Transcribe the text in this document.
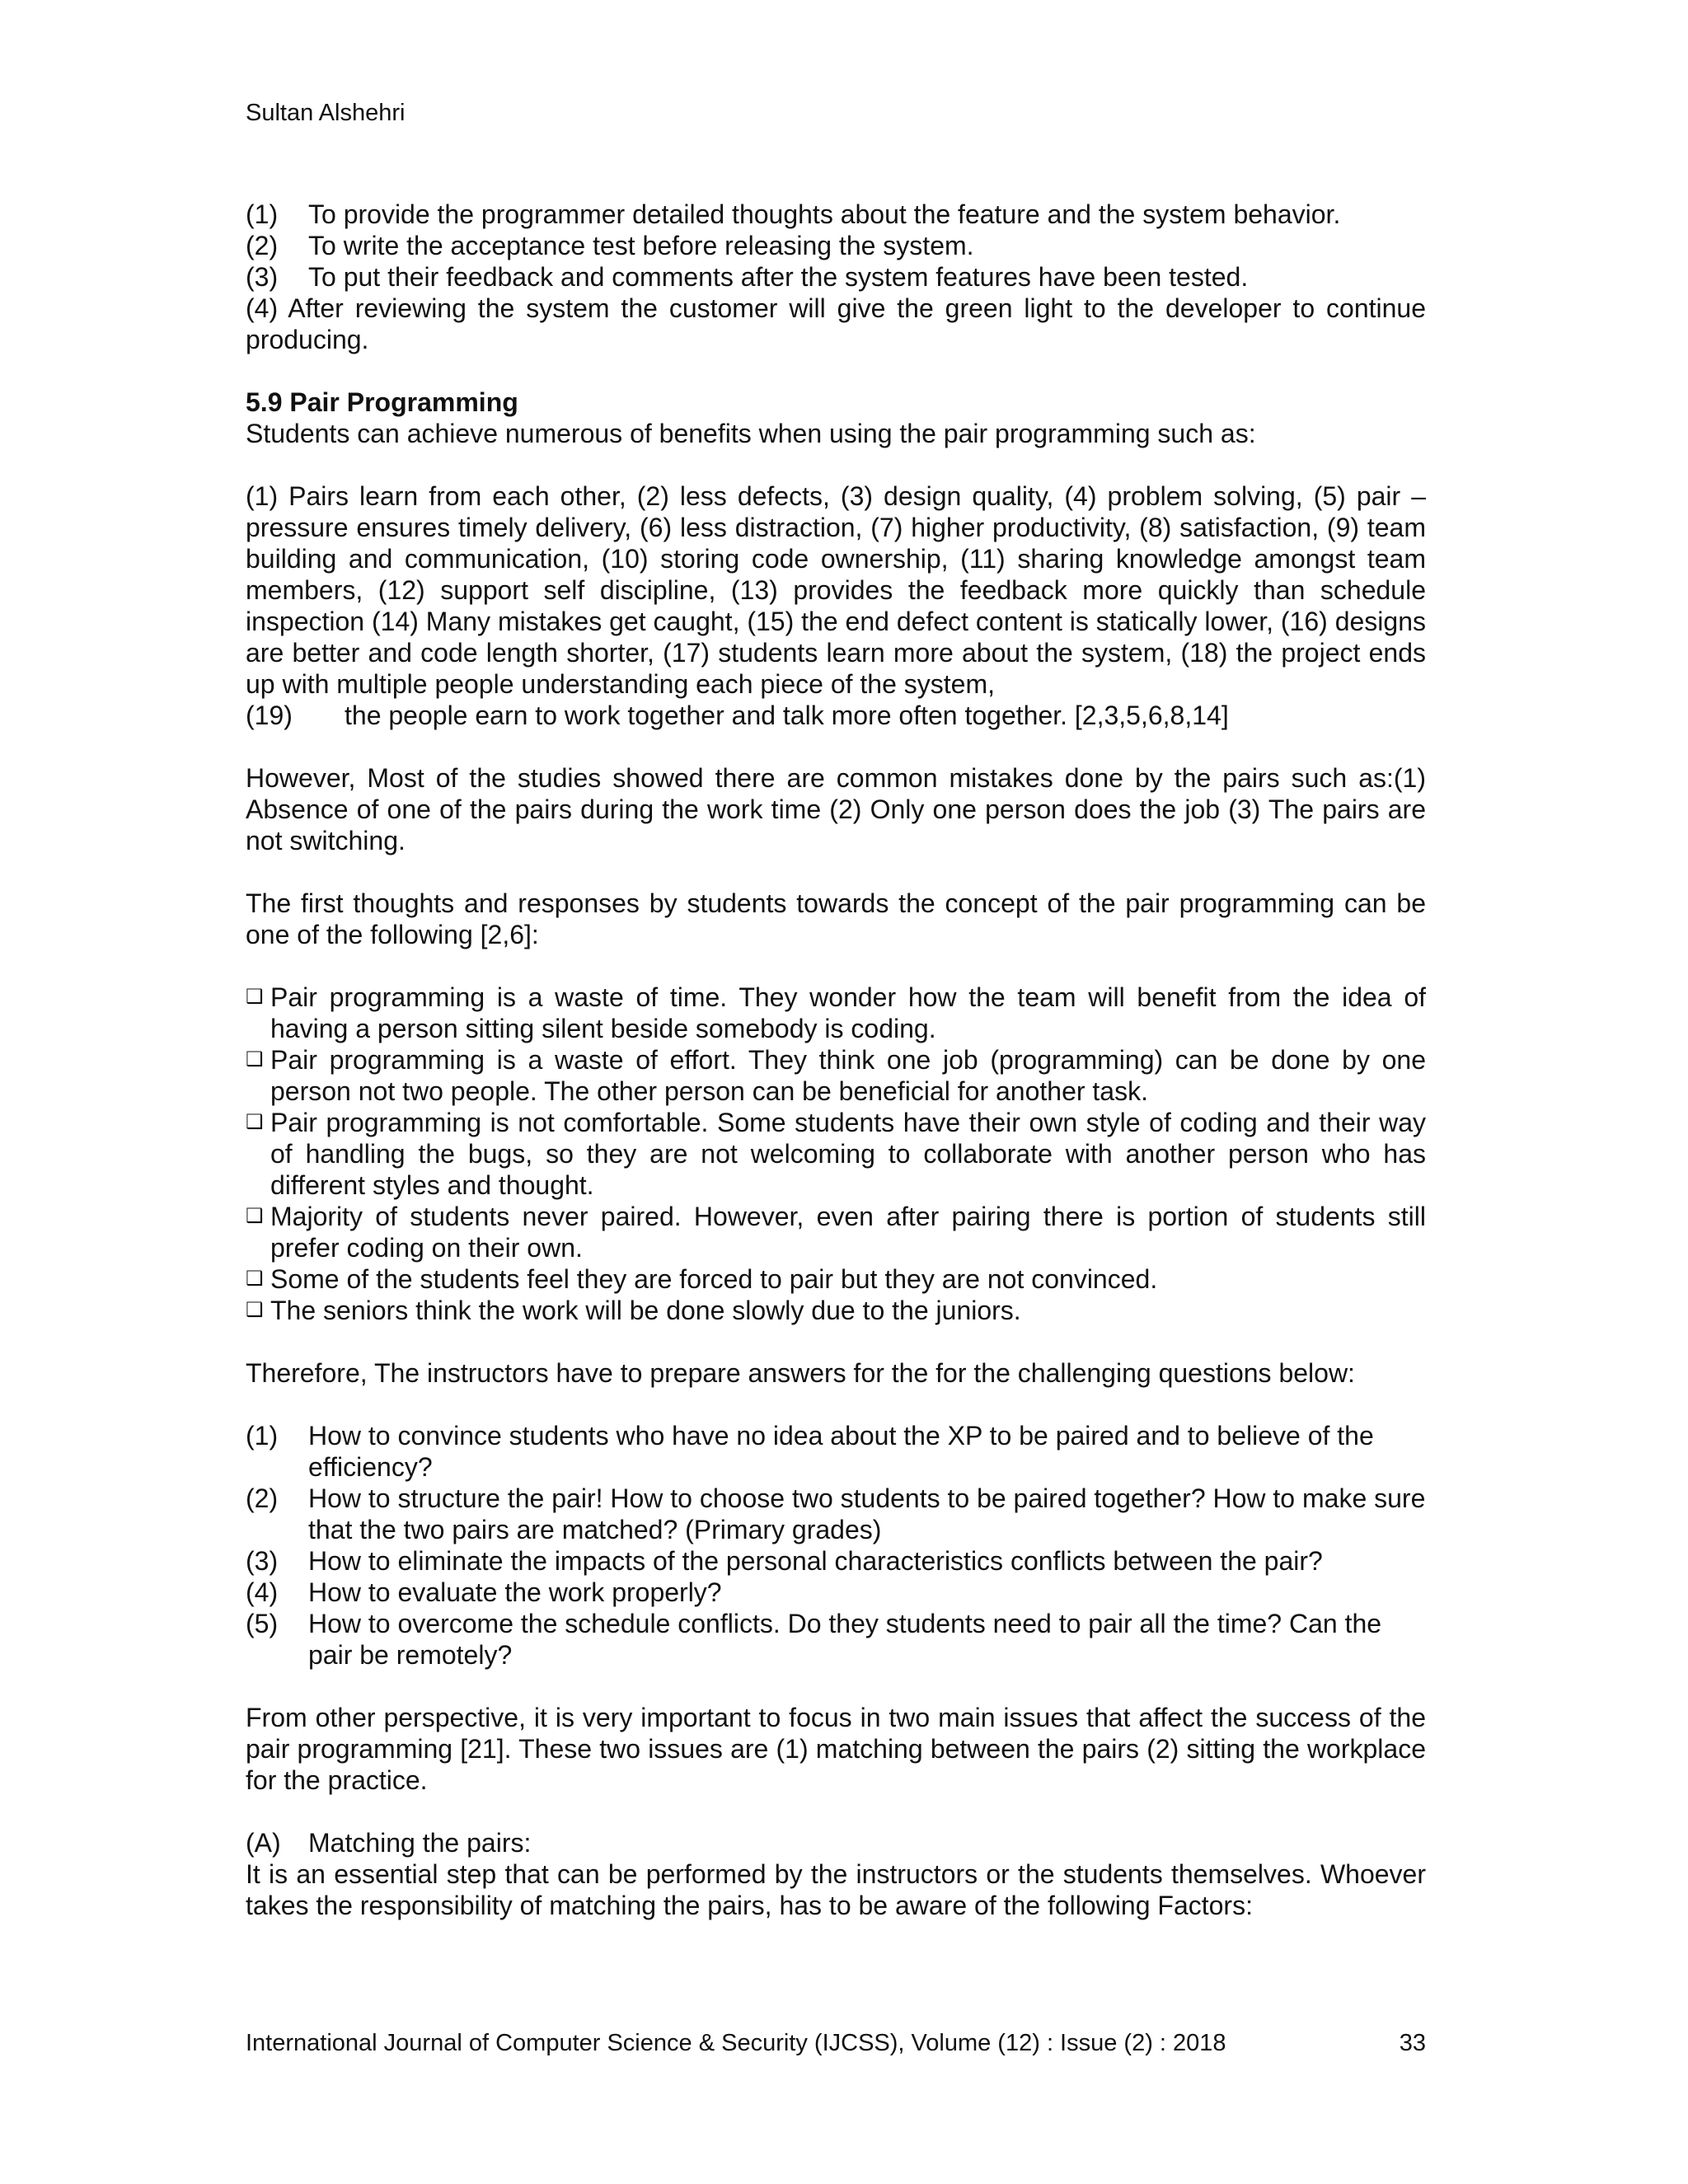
Sultan Alshehri
(1)	To provide the programmer detailed thoughts about the feature and the system behavior.
(2)	To write the acceptance test before releasing the system.
(3)	To put their feedback and comments after the system features have been tested.

(4) After reviewing the system the customer will give the green light to the developer to continue producing.

5.9 Pair Programming

Students can achieve numerous of benefits when using the pair programming such as:

(1) Pairs learn from each other, (2) less defects, (3) design quality, (4) problem solving, (5) pair – pressure ensures timely delivery, (6) less distraction, (7) higher productivity, (8) satisfaction, (9) team building and communication, (10) storing code ownership, (11) sharing knowledge amongst team members, (12) support self discipline, (13) provides the feedback more quickly than schedule inspection (14) Many mistakes get caught, (15) the end defect content is statically lower, (16) designs are better and code length shorter, (17) students learn more about the system, (18) the project ends up with multiple people understanding each piece of the system,

(19)	the people earn to work together and talk more often together. [2,3,5,6,8,14]

However, Most of the studies showed there are common mistakes done by the pairs such as:(1) Absence of one of the pairs during the work time (2) Only one person does the job (3) The pairs are not switching.

The first thoughts and responses by students towards the concept of the pair programming can be one of the following [2,6]:

❑ Pair programming is a waste of time. They wonder how the team will benefit from the idea of having a person sitting silent beside somebody is coding.
❑ Pair programming is a waste of effort. They think one job (programming) can be done by one person not two people. The other person can be beneficial for another task.
❑ Pair programming is not comfortable. Some students have their own style of coding and their way of handling the bugs, so they are not welcoming to collaborate with another person who has different styles and thought.
❑ Majority of students never paired. However, even after pairing there is portion of students still prefer coding on their own.
❑ Some of the students feel they are forced to pair but they are not convinced.
❑ The seniors think the work will be done slowly due to the juniors.

Therefore, The instructors have to prepare answers for the for the challenging questions below:

(1)	How to convince students who have no idea about the XP to be paired and to believe of the efficiency?
(2)	How to structure the pair! How to choose two students to be paired together? How to make sure that the two pairs are matched? (Primary grades)
(3)	How to eliminate the impacts of the personal characteristics conflicts between the pair?
(4)	How to evaluate the work properly?
(5)	How to overcome the schedule conflicts. Do they students need to pair all the time? Can the pair be remotely?

From other perspective, it is very important to focus in two main issues that affect the success of the pair programming [21]. These two issues are (1) matching between the pairs (2) sitting the workplace for the practice.

(A)	Matching the pairs:

It is an essential step that can be performed by the instructors or the students themselves. Whoever takes the responsibility of matching the pairs, has to be aware of the following Factors:

International Journal of Computer Science & Security (IJCSS), Volume (12) : Issue (2) : 2018	33
